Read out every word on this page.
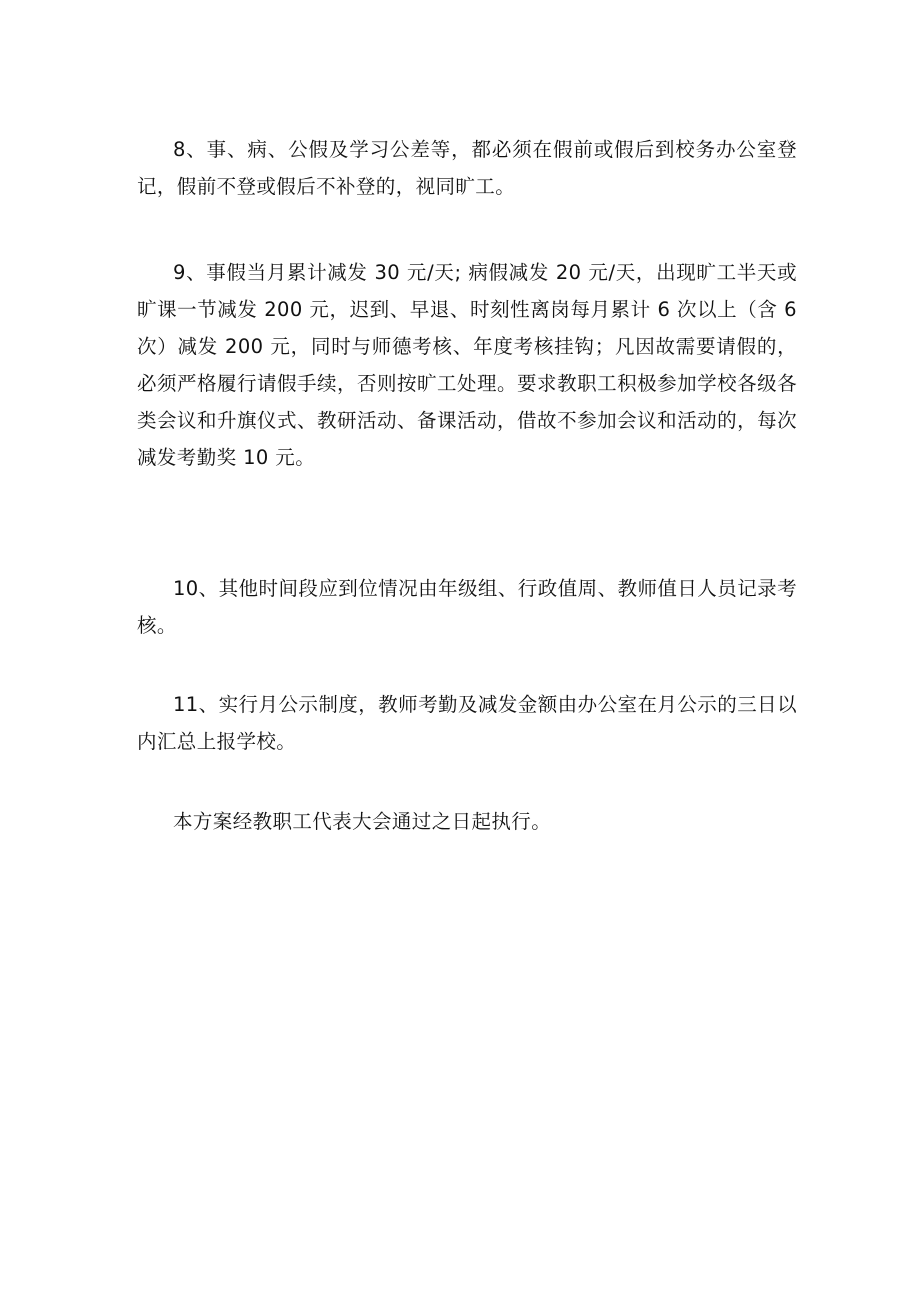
8、事、病、公假及学习公差等，都必须在假前或假后到校务办公室登记，假前不登或假后不补登的，视同旷工。

9、事假当月累计减发 30 元/天; 病假减发 20 元/天，出现旷工半天或旷课一节减发 200 元，迟到、早退、时刻性离岗每月累计 6 次以上（含 6 次）减发 200 元，同时与师德考核、年度考核挂钩；凡因故需要请假的，必须严格履行请假手续，否则按旷工处理。要求教职工积极参加学校各级各类会议和升旗仪式、教研活动、备课活动，借故不参加会议和活动的，每次减发考勤奖 10 元。

10、其他时间段应到位情况由年级组、行政值周、教师值日人员记录考核。

11、实行月公示制度，教师考勤及减发金额由办公室在月公示的三日以内汇总上报学校。

本方案经教职工代表大会通过之日起执行。
